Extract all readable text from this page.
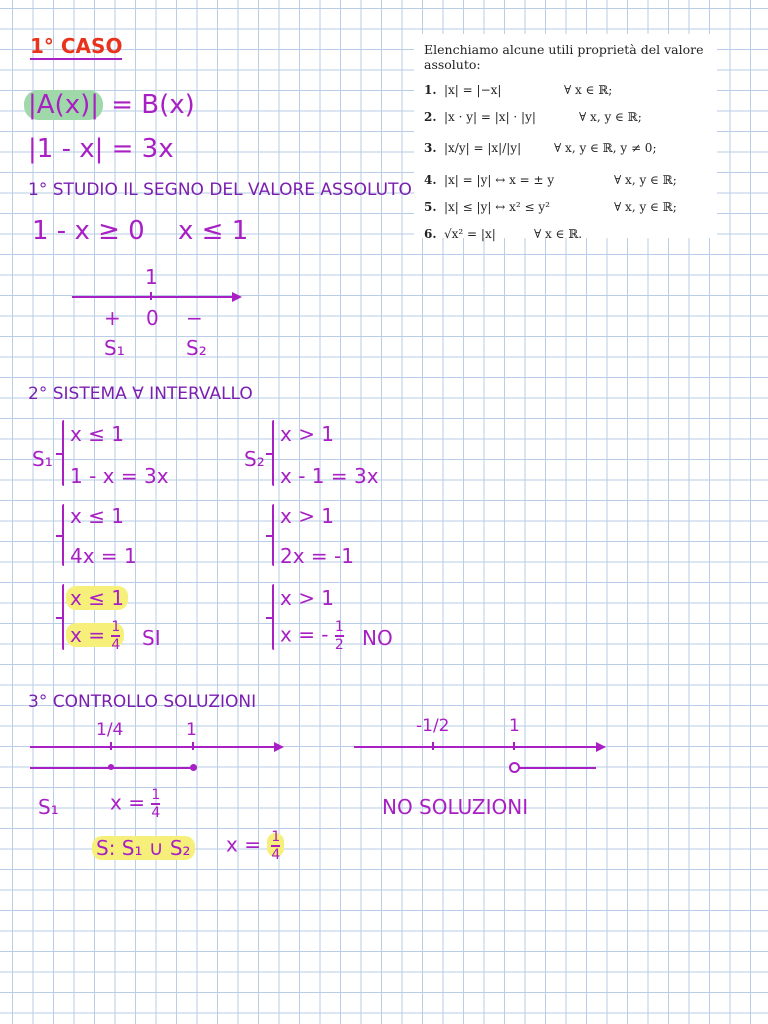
Elenchiamo alcune utili proprietà del valore assoluto:
1. |x| = |−x|	∀ x ∈ ℝ;
2. |x · y| = |x| · |y|	∀ x, y ∈ ℝ;
3. |x/y| = |x|/|y|	∀ x, y ∈ ℝ, y ≠ 0;
4. |x| = |y| ↔ x = ± y	∀ x, y ∈ ℝ;
5. |x| ≤ |y| ↔ x² ≤ y²	∀ x, y ∈ ℝ;
6. √x² = |x|	∀ x ∈ ℝ.
1° CASO
|A(x)| = B(x)
|1 - x| = 3x
1° STUDIO IL SEGNO DEL VALORE ASSOLUTO
1 - x ≥ 0 x ≤ 1
1
+ 0 −
S₁	S₂
2° SISTEMA ∀ INTERVALLO
S₁	S₂
x ≤ 1
1 - x = 3x
x ≤ 1
4x = 1
x ≤ 1
$x = \frac{1}{4}$ SI
x > 1
x - 1 = 3x
x > 1
2x = -1
x > 1
x = - $\frac{1}{2}$ NO
3° CONTROLLO SOLUZIONI
1/4	1	-1/2	1
S₁	$x = \frac{1}{4}$	NO SOLUZIONI
S: S₁ ∪ S₂ $x = \frac{1}{4}$
